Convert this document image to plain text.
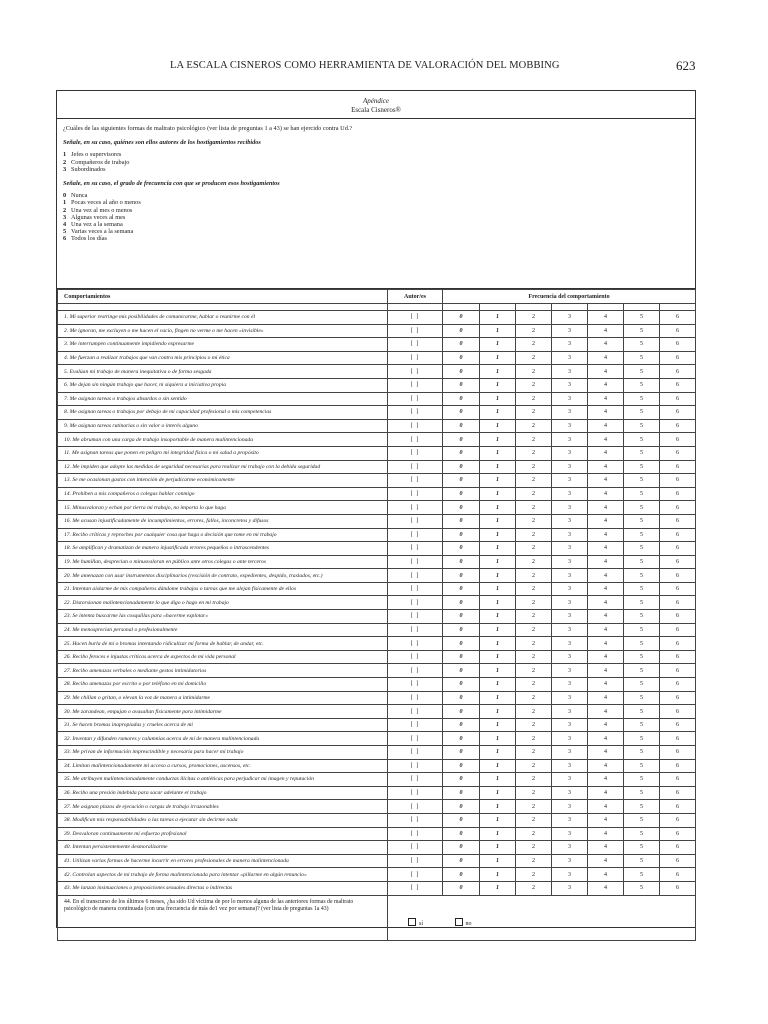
LA ESCALA CISNEROS COMO HERRAMIENTA DE VALORACIÓN DEL MOBBING	623
Apéndice
Escala Cisneros®
¿Cuáles de las siguientes formas de maltrato psicológico (ver lista de preguntas 1 a 43) se han ejercido contra Ud.?
Señale, en su caso, quiénes son ellos autores de los hostigamientos recibidos
1 Jefes o supervisores
2 Compañeros de trabajo
3 Subordinados
Señale, en su caso, el grado de frecuencia con que se producen esos hostigamientos
0 Nunca
1 Pocas veces al año o menos
2 Una vez al mes o menos
3 Algunas veces al mes
4 Una vez a la semana
5 Varias veces a la semana
6 Todos los días
Comportamientos	Autor/es	Frecuencia del comportamiento						

1. Mi superior restringe mis posibilidades de comunicarme, hablar o reunirme con él	[ ]	0	1	2	3	4	5	6
2. Me ignoran, me excluyen o me hacen el vacío, fingen no verme o me hacen «invisible»	[ ]	0	1	2	3	4	5	6
3. Me interrumpen continuamente impidiendo expresarme	[ ]	0	1	2	3	4	5	6
4. Me fuerzan a realizar trabajos que van contra mis principios o mi ética	[ ]	0	1	2	3	4	5	6
5. Evalúan mi trabajo de manera inequitativa o de forma sesgada	[ ]	0	1	2	3	4	5	6
6. Me dejan sin ningún trabajo que hacer, ni siquiera a iniciativa propia	[ ]	0	1	2	3	4	5	6
7. Me asignan tareas o trabajos absurdos o sin sentido	[ ]	0	1	2	3	4	5	6
8. Me asignan tareas o trabajos por debajo de mi capacidad profesional o mis competencias	[ ]	0	1	2	3	4	5	6
9. Me asignan tareas rutinarias o sin valor o interés alguno	[ ]	0	1	2	3	4	5	6
10. Me abruman con una carga de trabajo insoportable de manera malintencionada	[ ]	0	1	2	3	4	5	6
11. Me asignan tareas que ponen en peligro mi integridad física o mi salud a propósito	[ ]	0	1	2	3	4	5	6
12. Me impiden que adopte las medidas de seguridad necesarias para realizar mi trabajo con la debida seguridad	[ ]	0	1	2	3	4	5	6
13. Se me ocasionan gastos con intención de perjudicarme económicamente	[ ]	0	1	2	3	4	5	6
14. Prohíben a mis compañeros o colegas hablar conmigo	[ ]	0	1	2	3	4	5	6
15. Minusvaloran y echan por tierra mi trabajo, no importa lo que haga	[ ]	0	1	2	3	4	5	6
16. Me acusan injustificadamente de incumplimientos, errores, fallos, inconcretos y difusos	[ ]	0	1	2	3	4	5	6
17. Recibo críticas y reproches por cualquier cosa que haga o decisión que tome en mi trabajo	[ ]	0	1	2	3	4	5	6
18. Se amplifican y dramatizan de manera injustificada errores pequeños o intrascendentes	[ ]	0	1	2	3	4	5	6
19. Me humillan, desprecian o minusvaloran en público ante otros colegas o ante terceros	[ ]	0	1	2	3	4	5	6
20. Me amenazan con usar instrumentos disciplinarios (rescisión de contrato, expedientes, despido, traslados, etc.)	[ ]	0	1	2	3	4	5	6
21. Intentan aislarme de mis compañeros dándome trabajos o tareas que me alejan físicamente de ellos	[ ]	0	1	2	3	4	5	6
22. Distorsionan malintencionadamente lo que digo o hago en mi trabajo	[ ]	0	1	2	3	4	5	6
23. Se intenta buscarme las cosquillas para «hacerme explotar»	[ ]	0	1	2	3	4	5	6
24. Me menosprecian personal o profesionalmente	[ ]	0	1	2	3	4	5	6
25. Hacen burla de mí o bromas intentando ridiculizar mi forma de hablar, de andar, etc.	[ ]	0	1	2	3	4	5	6
26. Recibo feroces e injustas críticas acerca de aspectos de mi vida personal	[ ]	0	1	2	3	4	5	6
27. Recibo amenazas verbales o mediante gestos intimidatorios	[ ]	0	1	2	3	4	5	6
28. Recibo amenazas por escrito o por teléfono en mi domicilio	[ ]	0	1	2	3	4	5	6
29. Me chillan o gritan, o elevan la voz de manera a intimidarme	[ ]	0	1	2	3	4	5	6
30. Me zarandean, empujan o avasallan físicamente para intimidarme	[ ]	0	1	2	3	4	5	6
31. Se hacen bromas inapropiadas y crueles acerca de mí	[ ]	0	1	2	3	4	5	6
32. Inventan y difunden rumores y calumnias acerca de mí de manera malintencionada	[ ]	0	1	2	3	4	5	6
33. Me privan de información imprescindible y necesaria para hacer mi trabajo	[ ]	0	1	2	3	4	5	6
34. Limitan malintencionadamente mi acceso a cursos, promociones, ascensos, etc.	[ ]	0	1	2	3	4	5	6
35. Me atribuyen malintencionadamente conductas ilícitas o antiéticas para perjudicar mi imagen y reputación	[ ]	0	1	2	3	4	5	6
36. Recibo una presión indebida para sacar adelante el trabajo	[ ]	0	1	2	3	4	5	6
37. Me asignan plazos de ejecución o cargas de trabajo irrazonables	[ ]	0	1	2	3	4	5	6
38. Modifican mis responsabilidades o las tareas a ejecutar sin decirme nada	[ ]	0	1	2	3	4	5	6
39. Desvaloran continuamente mi esfuerzo profesional	[ ]	0	1	2	3	4	5	6
40. Intentan persistentemente desmoralizarme	[ ]	0	1	2	3	4	5	6
41. Utilizan varias formas de hacerme incurrir en errores profesionales de manera malintencionada	[ ]	0	1	2	3	4	5	6
42. Controlan aspectos de mi trabajo de forma malintencionada para intentar «pillarme en algún renuncio»	[ ]	0	1	2	3	4	5	6
43. Me lanzan insinuaciones o proposiciones sexuales directas o indirectas	[ ]	0	1	2	3	4	5	6
44. En el transcurso de los últimos 6 meses, ¿ha sido Ud víctima de por lo menos alguna de las anteriores formas de maltrato psicológico de manera continuada (con una frecuencia de más de1 vez por semana)? (ver lista de preguntas 1a 43)	sí no							
